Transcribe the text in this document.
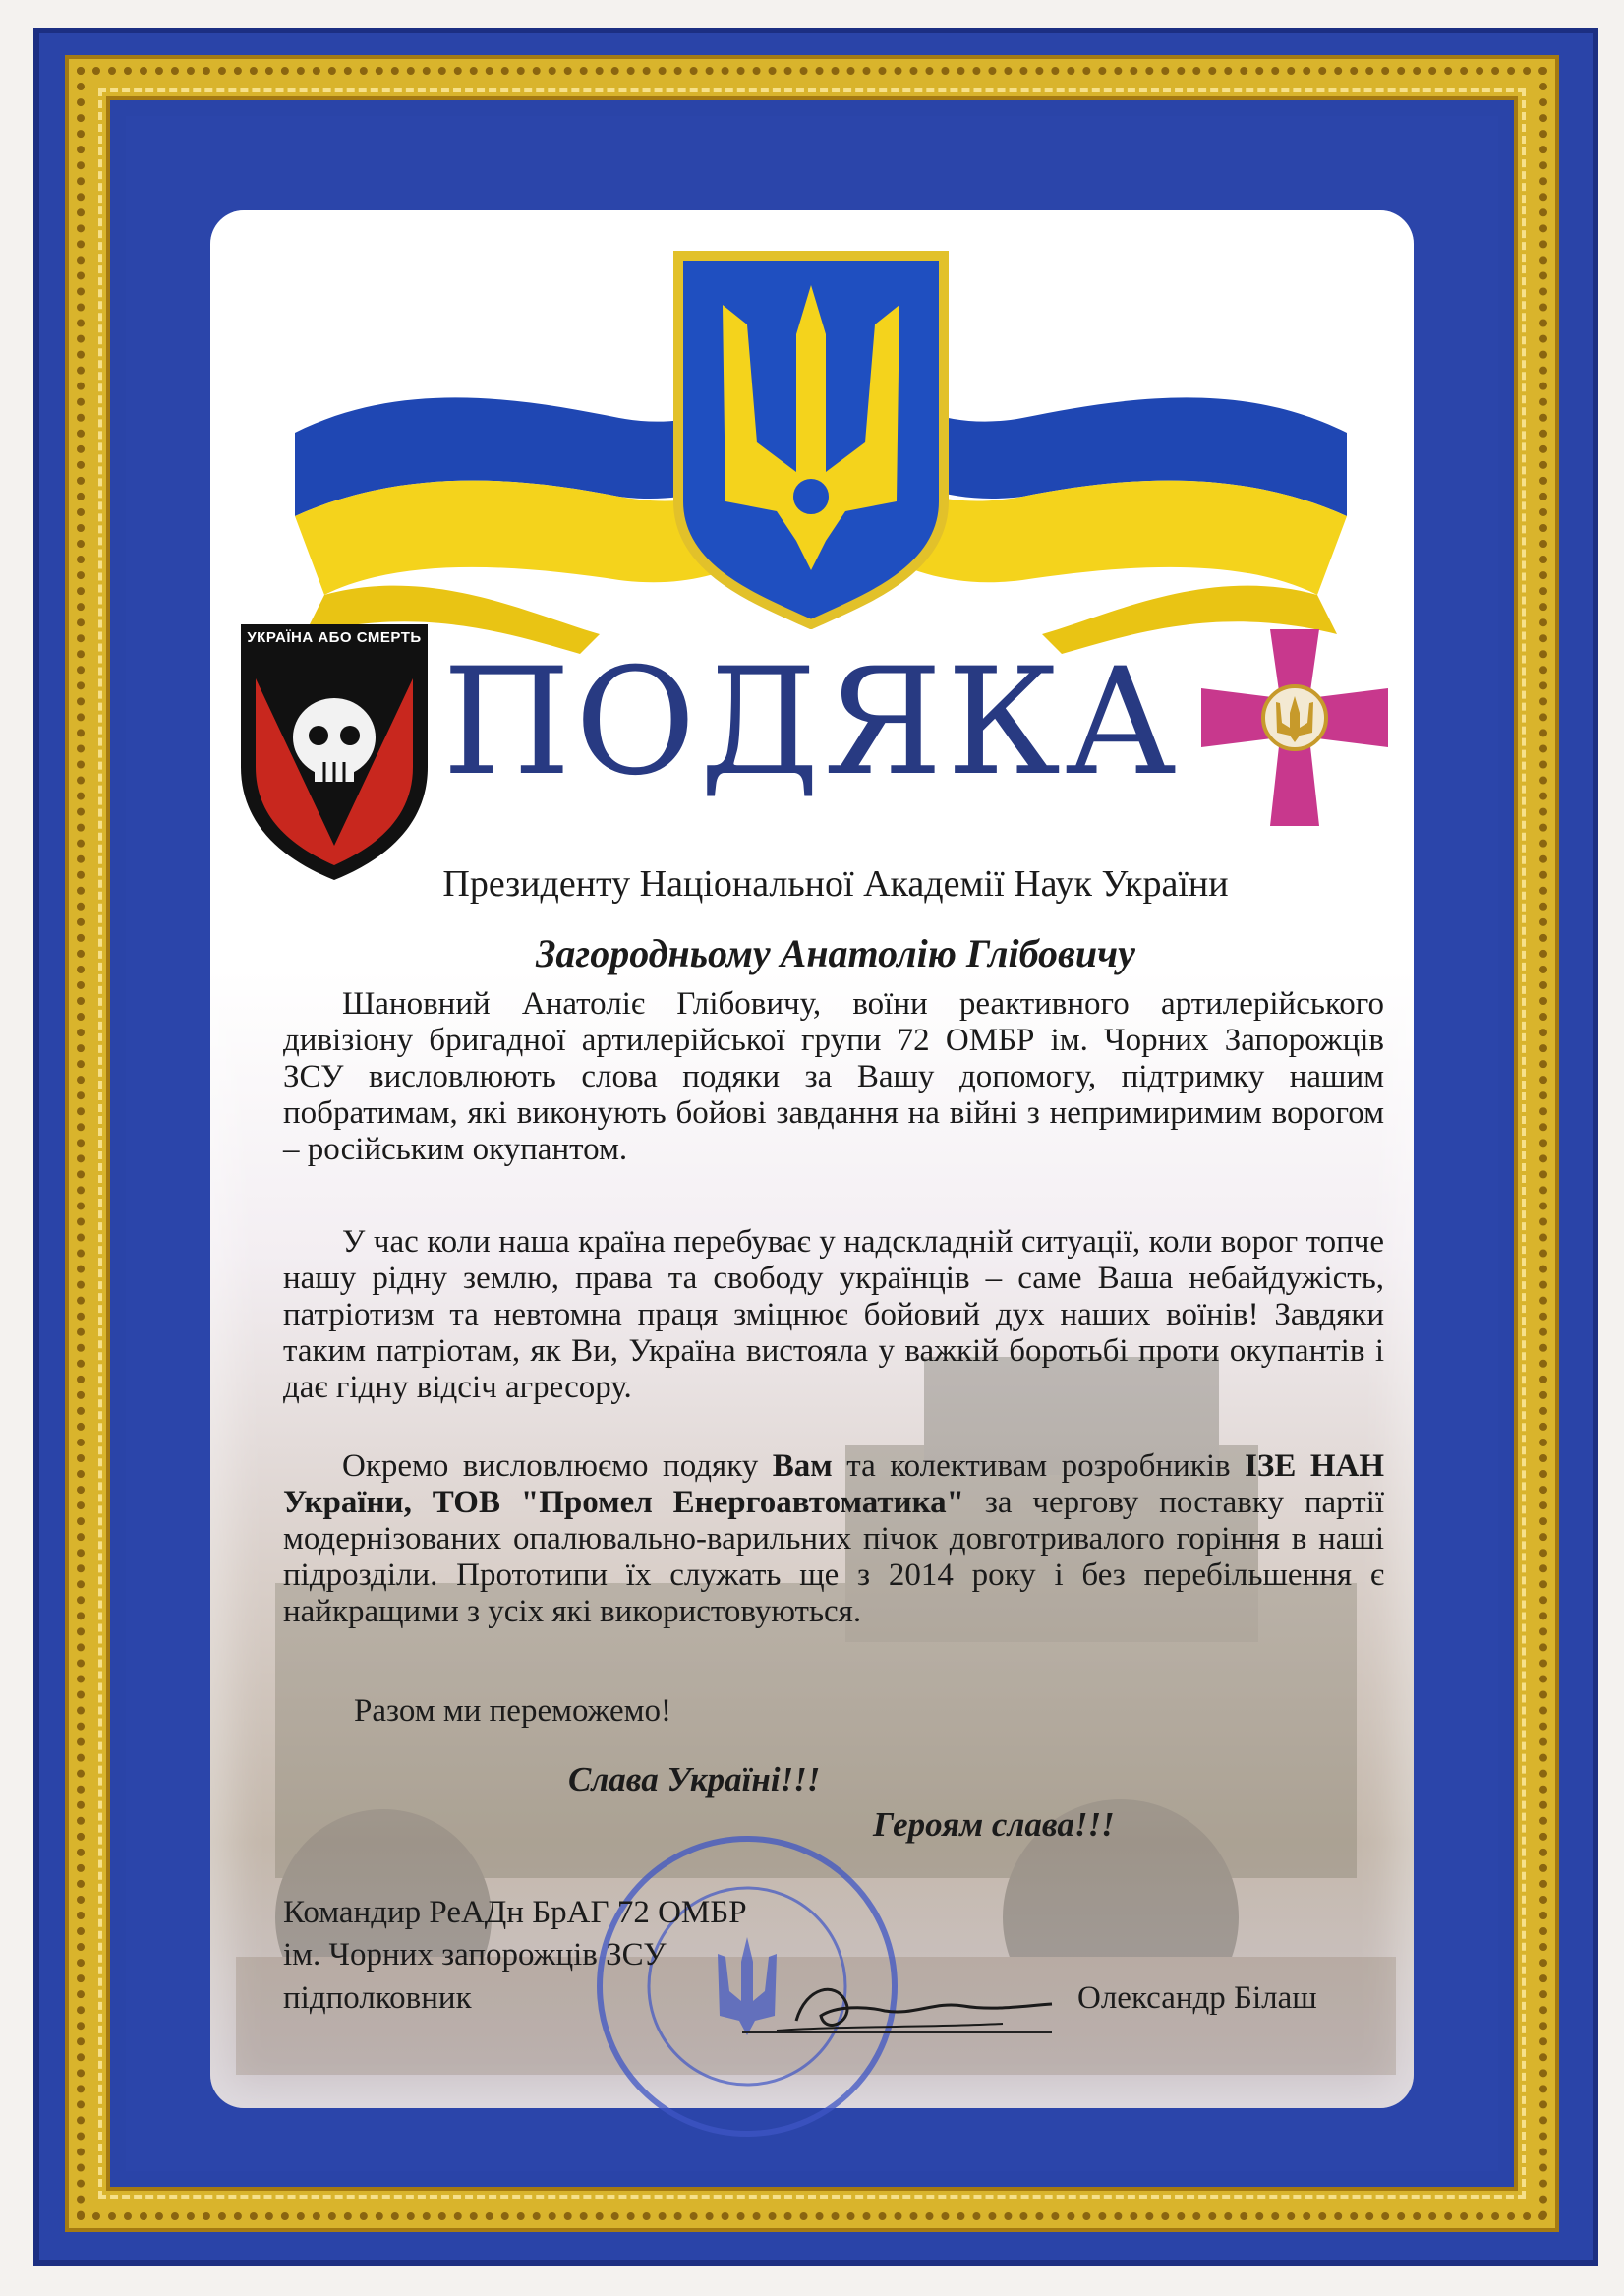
УКРАЇНА АБО СМЕРТЬ ПОДЯКА
Президенту Національної Академії Наук України
Загородньому Анатолію Глібовичу
Шановний Анатоліє Глібовичу, воїни реактивного артилерійського дивізіону бригадної артилерійської групи 72 ОМБР ім. Чорних Запорожців ЗСУ висловлюють слова подяки за Вашу допомогу, підтримку нашим побратимам, які виконують бойові завдання на війні з непримиримим ворогом – російським окупантом.
У час коли наша країна перебуває у надскладній ситуації, коли ворог топче нашу рідну землю, права та свободу українців – саме Ваша небайдужість, патріотизм та невтомна праця зміцнює бойовий дух наших воїнів! Завдяки таким патріотам, як Ви, Україна вистояла у важкій боротьбі проти окупантів і дає гідну відсіч агресору.
Окремо висловлюємо подяку Вам та колективам розробників ІЗЕ НАН України, ТОВ "Промел Енергоавтоматика" за чергову поставку партії модернізованих опалювально-варильних пічок довготривалого горіння в наші підрозділи. Прототипи їх служать ще з 2014 року і без перебільшення є найкращими з усіх які використовуються.
Разом ми переможемо!
Слава Україні!!!
Героям слава!!!
Командир РеАДн БрАГ 72 ОМБР
ім. Чорних запорожців ЗСУ
підполковник	Олександр Білаш
